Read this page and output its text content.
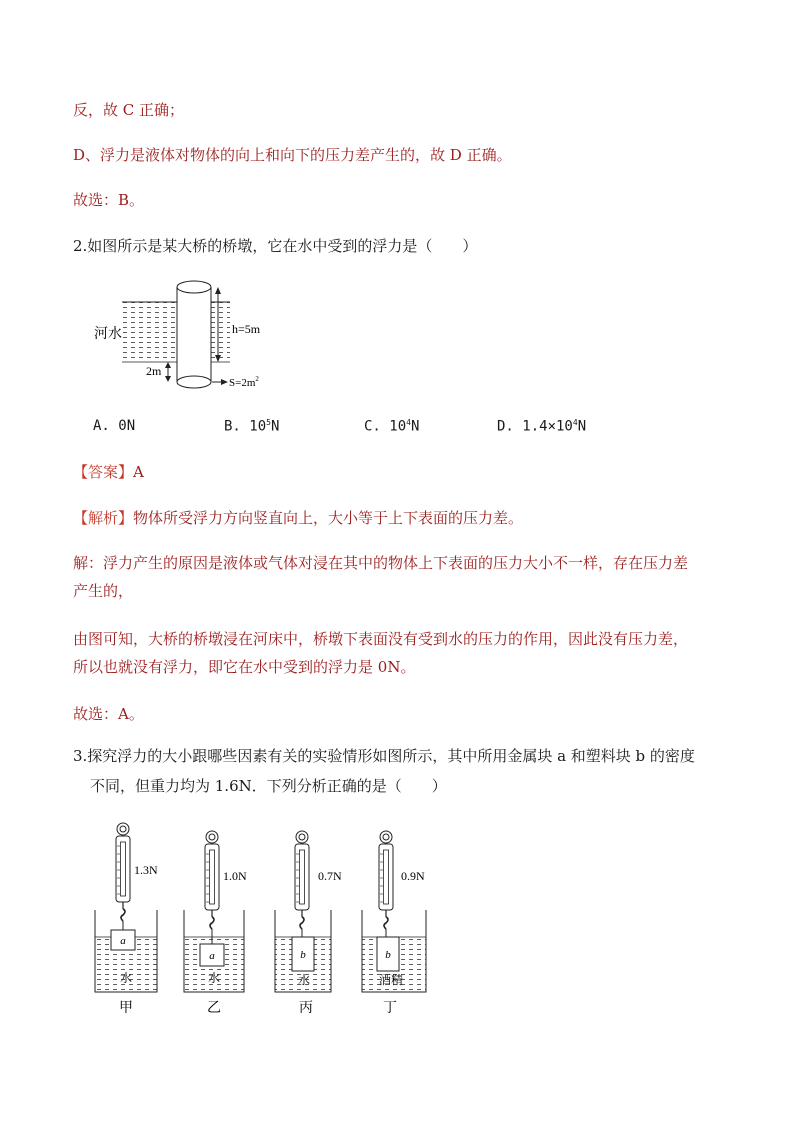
反，故 C 正确；
D、浮力是液体对物体的向上和向下的压力差产生的，故 D 正确。
故选：B。
2.如图所示是某大桥的桥墩，它在水中受到的浮力是（　　）
h=5m
2m
$S=2m^2$
河水
A. 0N	B. $10^5N$	C. $10^4N$	D. $1.4\times 10^4N$
【答案】A
【解析】物体所受浮力方向竖直向上，大小等于上下表面的压力差。
解：浮力产生的原因是液体或气体对浸在其中的物体上下表面的压力大小不一样，存在压力差
产生的，
由图可知，大桥的桥墩浸在河床中，桥墩下表面没有受到水的压力的作用，因此没有压力差，
所以也就没有浮力，即它在水中受到的浮力是 0N。
故选：A。
3.探究浮力的大小跟哪些因素有关的实验情形如图所示，其中所用金属块 a 和塑料块 b 的密度
不同，但重力均为 1.6N．下列分析正确的是（　　）
1.3N
a
水
甲
1.0N
a
水
乙
0.7N
b
水
丙
0.9N
b
酒精
丁
